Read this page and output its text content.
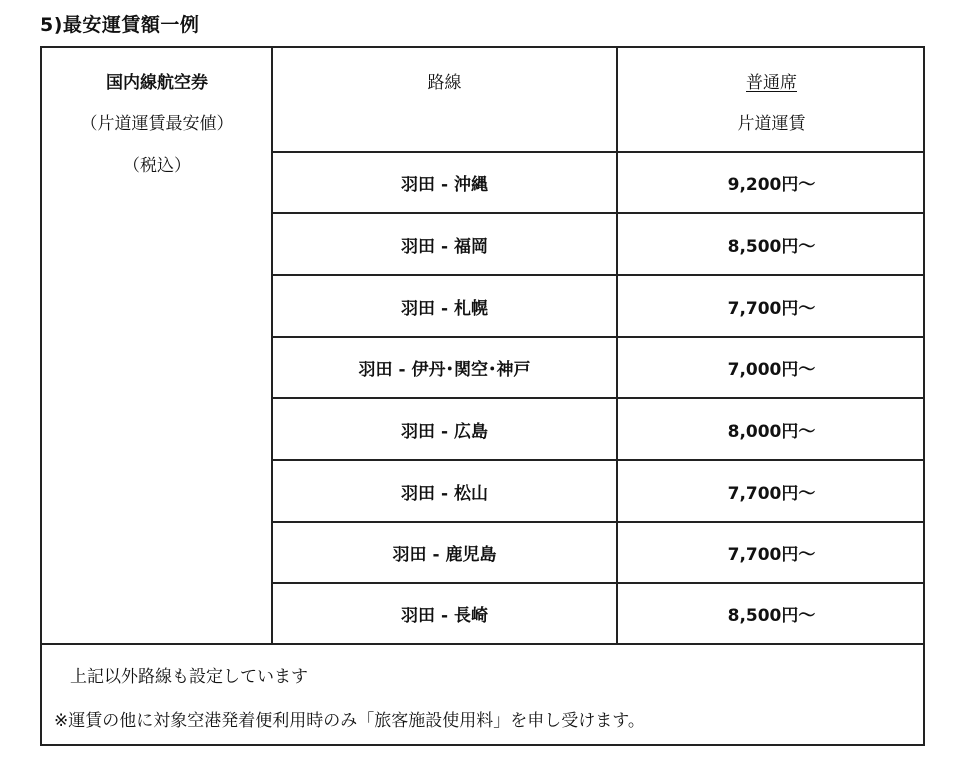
5)最安運賃額一例
国内線航空券
（片道運賃最安値）
（税込）
路線	普通席
片道運賃
羽田 - 沖縄	9,200円～
羽田 - 福岡	8,500円～
羽田 - 札幌	7,700円～
羽田 - 伊丹･関空･神戸	7,000円～
羽田 - 広島	8,000円～
羽田 - 松山	7,700円～
羽田 - 鹿児島	7,700円～
羽田 - 長崎	8,500円～
上記以外路線も設定しています
※運賃の他に対象空港発着便利用時のみ「旅客施設使用料」を申し受けます。
